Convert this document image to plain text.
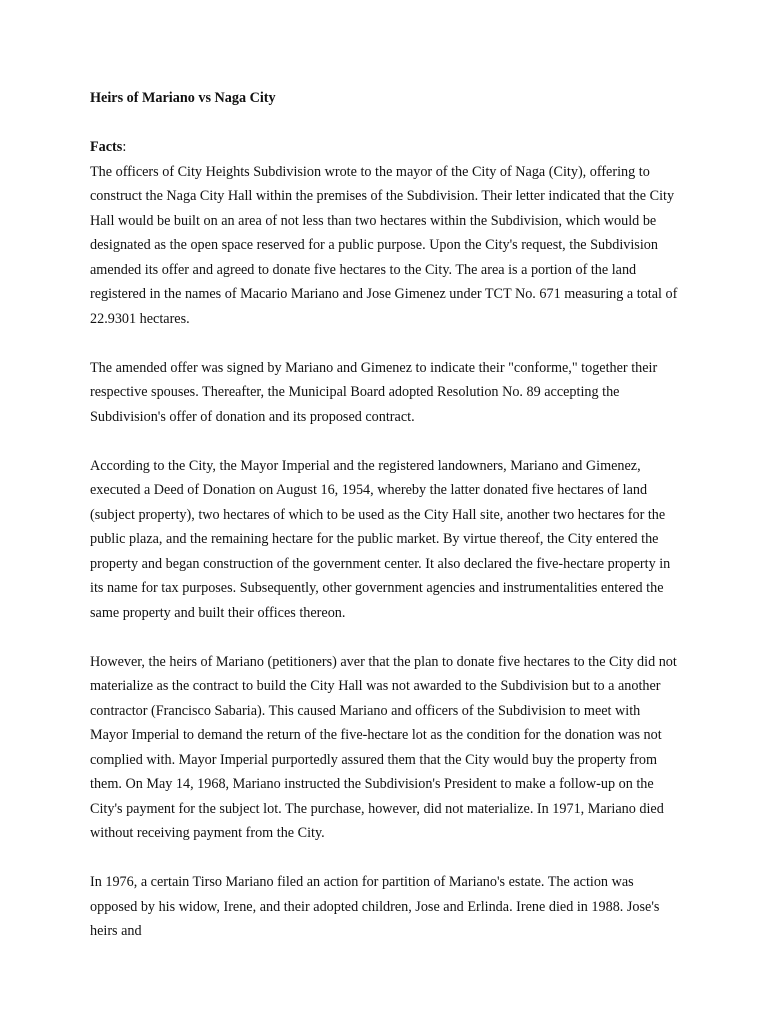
Heirs of Mariano vs Naga City
Facts:

The officers of City Heights Subdivision wrote to the mayor of the City of Naga (City), offering to construct the Naga City Hall within the premises of the Subdivision. Their letter indicated that the City Hall would be built on an area of not less than two hectares within the Subdivision, which would be designated as the open space reserved for a public purpose. Upon the City's request, the Subdivision amended its offer and agreed to donate five hectares to the City. The area is a portion of the land registered in the names of Macario Mariano and Jose Gimenez under TCT No. 671 measuring a total of 22.9301 hectares.

The amended offer was signed by Mariano and Gimenez to indicate their "conforme," together their respective spouses. Thereafter, the Municipal Board adopted Resolution No. 89 accepting the Subdivision's offer of donation and its proposed contract.

According to the City, the Mayor Imperial and the registered landowners, Mariano and Gimenez, executed a Deed of Donation on August 16, 1954, whereby the latter donated five hectares of land (subject property), two hectares of which to be used as the City Hall site, another two hectares for the public plaza, and the remaining hectare for the public market. By virtue thereof, the City entered the property and began construction of the government center. It also declared the five-hectare property in its name for tax purposes. Subsequently, other government agencies and instrumentalities entered the same property and built their offices thereon.

However, the heirs of Mariano (petitioners) aver that the plan to donate five hectares to the City did not materialize as the contract to build the City Hall was not awarded to the Subdivision but to a another contractor (Francisco Sabaria). This caused Mariano and officers of the Subdivision to meet with Mayor Imperial to demand the return of the five-hectare lot as the condition for the donation was not complied with. Mayor Imperial purportedly assured them that the City would buy the property from them. On May 14, 1968, Mariano instructed the Subdivision's President to make a follow-up on the City's payment for the subject lot. The purchase, however, did not materialize. In 1971, Mariano died without receiving payment from the City.

In 1976, a certain Tirso Mariano filed an action for partition of Mariano's estate. The action was opposed by his widow, Irene, and their adopted children, Jose and Erlinda. Irene died in 1988. Jose's heirs and
